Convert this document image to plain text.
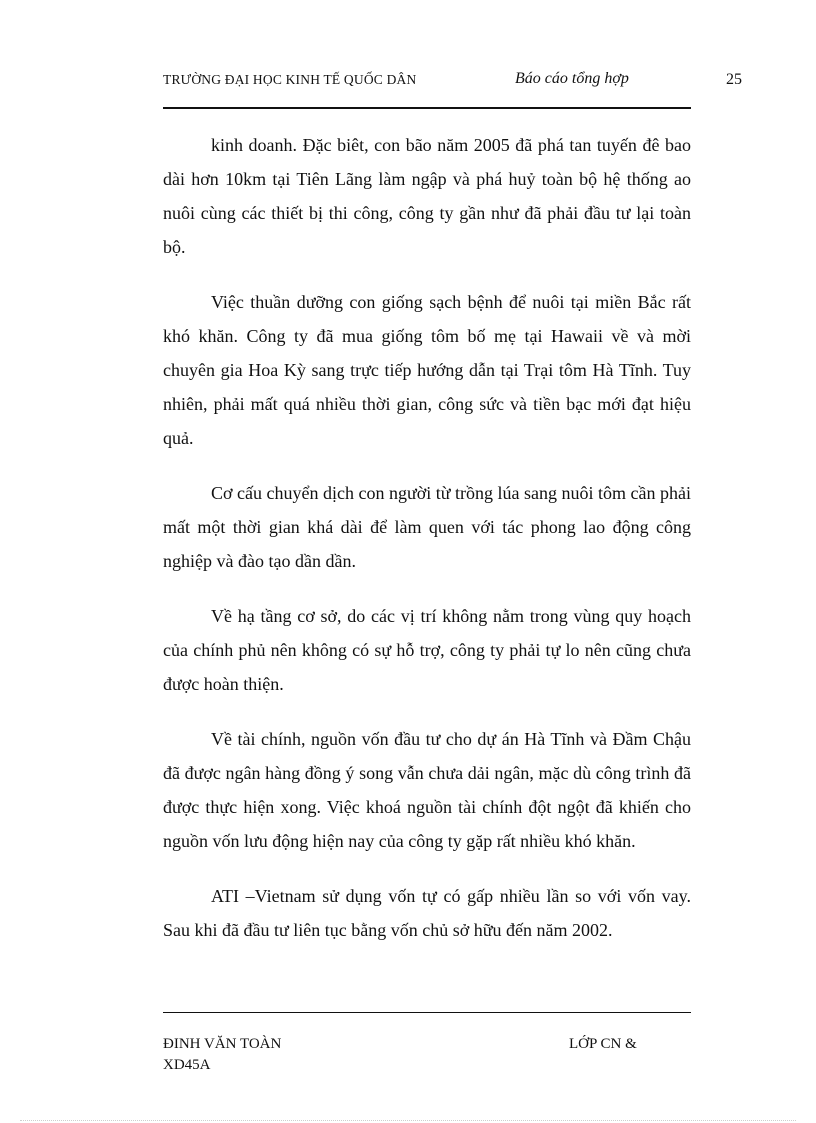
TRƯỜNG ĐẠI HỌC KINH TẾ QUỐC DÂN	Báo cáo tổng hợp	25

kinh doanh. Đặc biêt, con bão năm 2005 đã phá tan tuyến đê bao dài hơn 10km tại Tiên Lãng làm ngập và phá huỷ toàn bộ hệ thống ao nuôi cùng các thiết bị thi công, công ty gần như đã phải đầu tư lại toàn bộ.

Việc thuần dưỡng con giống sạch bệnh để nuôi tại miền Bắc rất khó khăn. Công ty đã mua giống tôm bố mẹ tại Hawaii về và mời chuyên gia Hoa Kỳ sang trực tiếp hướng dẫn tại Trại tôm Hà Tĩnh. Tuy nhiên, phải mất quá nhiều thời gian, công sức và tiền bạc mới đạt hiệu quả.

Cơ cấu chuyển dịch con người từ trồng lúa sang nuôi tôm cần phải mất một thời gian khá dài để làm quen với tác phong lao động công nghiệp và đào tạo dần dần.

Về hạ tầng cơ sở, do các vị trí không nằm trong vùng quy hoạch của chính phủ nên không có sự hỗ trợ, công ty phải tự lo nên cũng chưa được hoàn thiện.

Về tài chính, nguồn vốn đầu tư cho dự án Hà Tĩnh và Đầm Chậu đã được ngân hàng đồng ý song vẫn chưa dải ngân, mặc dù công trình đã được thực hiện xong. Việc khoá nguồn tài chính đột ngột đã khiến cho nguồn vốn lưu động hiện nay của công ty gặp rất nhiều khó khăn.

ATI –Vietnam sử dụng vốn tự có gấp nhiều lần so với vốn vay. Sau khi đã đầu tư liên tục bằng vốn chủ sở hữu đến năm 2002.

ĐINH VĂN TOÀN	LỚP CN &
XD45A
